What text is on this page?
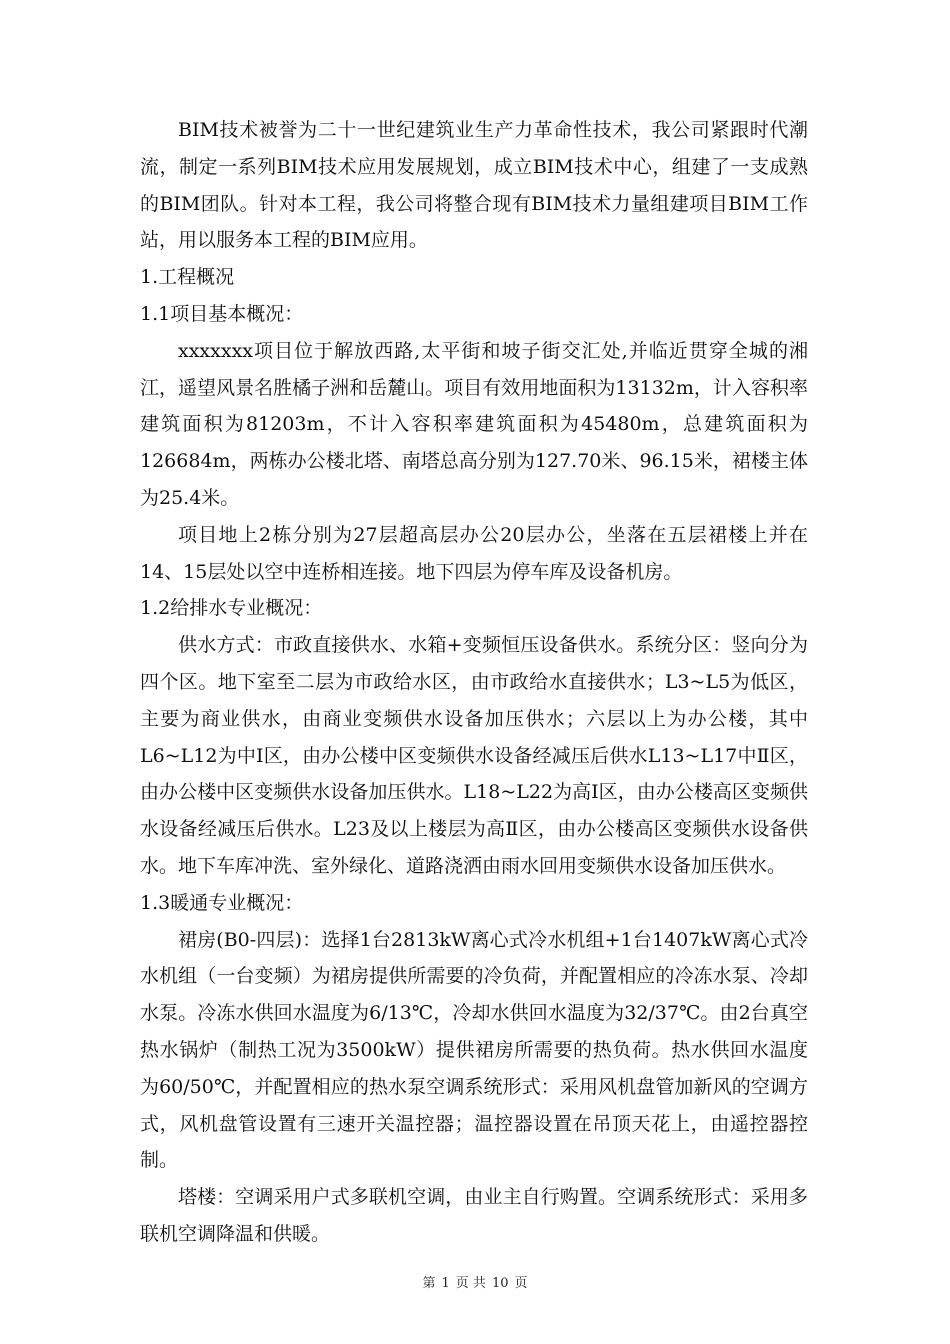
BIM技术被誉为二十一世纪建筑业生产力革命性技术，我公司紧跟时代潮流，制定一系列BIM技术应用发展规划，成立BIM技术中心，组建了一支成熟的BIM团队。针对本工程，我公司将整合现有BIM技术力量组建项目BIM工作站，用以服务本工程的BIM应用。

1.工程概况

1.1项目基本概况：

xxxxxxx项目位于解放西路,太平街和坡子街交汇处,并临近贯穿全城的湘江，遥望风景名胜橘子洲和岳麓山。项目有效用地面积为13132m，计入容积率建筑面积为81203m，不计入容积率建筑面积为45480m，总建筑面积为126684m，两栋办公楼北塔、南塔总高分别为127.70米、96.15米，裙楼主体为25.4米。

项目地上2栋分别为27层超高层办公20层办公，坐落在五层裙楼上并在14、15层处以空中连桥相连接。地下四层为停车库及设备机房。

1.2给排水专业概况：

供水方式：市政直接供水、水箱+变频恒压设备供水。系统分区：竖向分为四个区。地下室至二层为市政给水区，由市政给水直接供水；L3~L5为低区，主要为商业供水，由商业变频供水设备加压供水；六层以上为办公楼，其中L6~L12为中Ⅰ区，由办公楼中区变频供水设备经减压后供水L13~L17中Ⅱ区，由办公楼中区变频供水设备加压供水。L18~L22为高Ⅰ区，由办公楼高区变频供水设备经减压后供水。L23及以上楼层为高Ⅱ区，由办公楼高区变频供水设备供水。地下车库冲洗、室外绿化、道路浇洒由雨水回用变频供水设备加压供水。

1.3暖通专业概况：

裙房(B0-四层)：选择1台2813kW离心式冷水机组+1台1407kW离心式冷水机组（一台变频）为裙房提供所需要的冷负荷，并配置相应的冷冻水泵、冷却水泵。冷冻水供回水温度为6/13℃，冷却水供回水温度为32/37℃。由2台真空热水锅炉（制热工况为3500kW）提供裙房所需要的热负荷。热水供回水温度为60/50℃，并配置相应的热水泵空调系统形式：采用风机盘管加新风的空调方式，风机盘管设置有三速开关温控器；温控器设置在吊顶天花上，由遥控器控制。

塔楼：空调采用户式多联机空调，由业主自行购置。空调系统形式：采用多联机空调降温和供暖。

第 1 页 共 10 页
